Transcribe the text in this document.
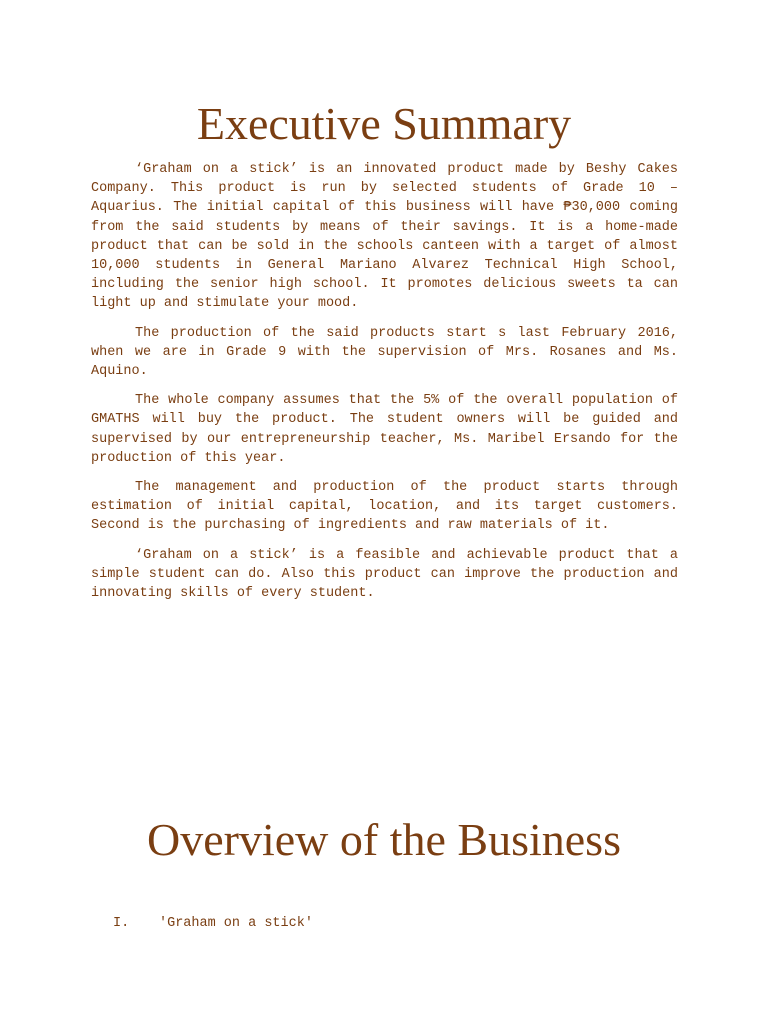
Executive Summary

‘Graham on a stick’ is an innovated product made by Beshy Cakes Company. This product is run by selected students of Grade 10 – Aquarius. The initial capital of this business will have ₱30,000 coming from the said students by means of their savings. It is a home-made product that can be sold in the schools canteen with a target of almost 10,000 students in General Mariano Alvarez Technical High School, including the senior high school. It promotes delicious sweets ta can light up and stimulate your mood.

The production of the said products start s last February 2016, when we are in Grade 9 with the supervision of Mrs. Rosanes and Ms. Aquino.

The whole company assumes that the 5% of the overall population of GMATHS will buy the product. The student owners will be guided and supervised by our entrepreneurship teacher, Ms. Maribel Ersando for the production of this year.

The management and production of the product starts through estimation of initial capital, location, and its target customers. Second is the purchasing of ingredients and raw materials of it.

‘Graham on a stick’ is a feasible and achievable product that a simple student can do. Also this product can improve the production and innovating skills of every student.

Overview of the Business

I. 'Graham on a stick'
